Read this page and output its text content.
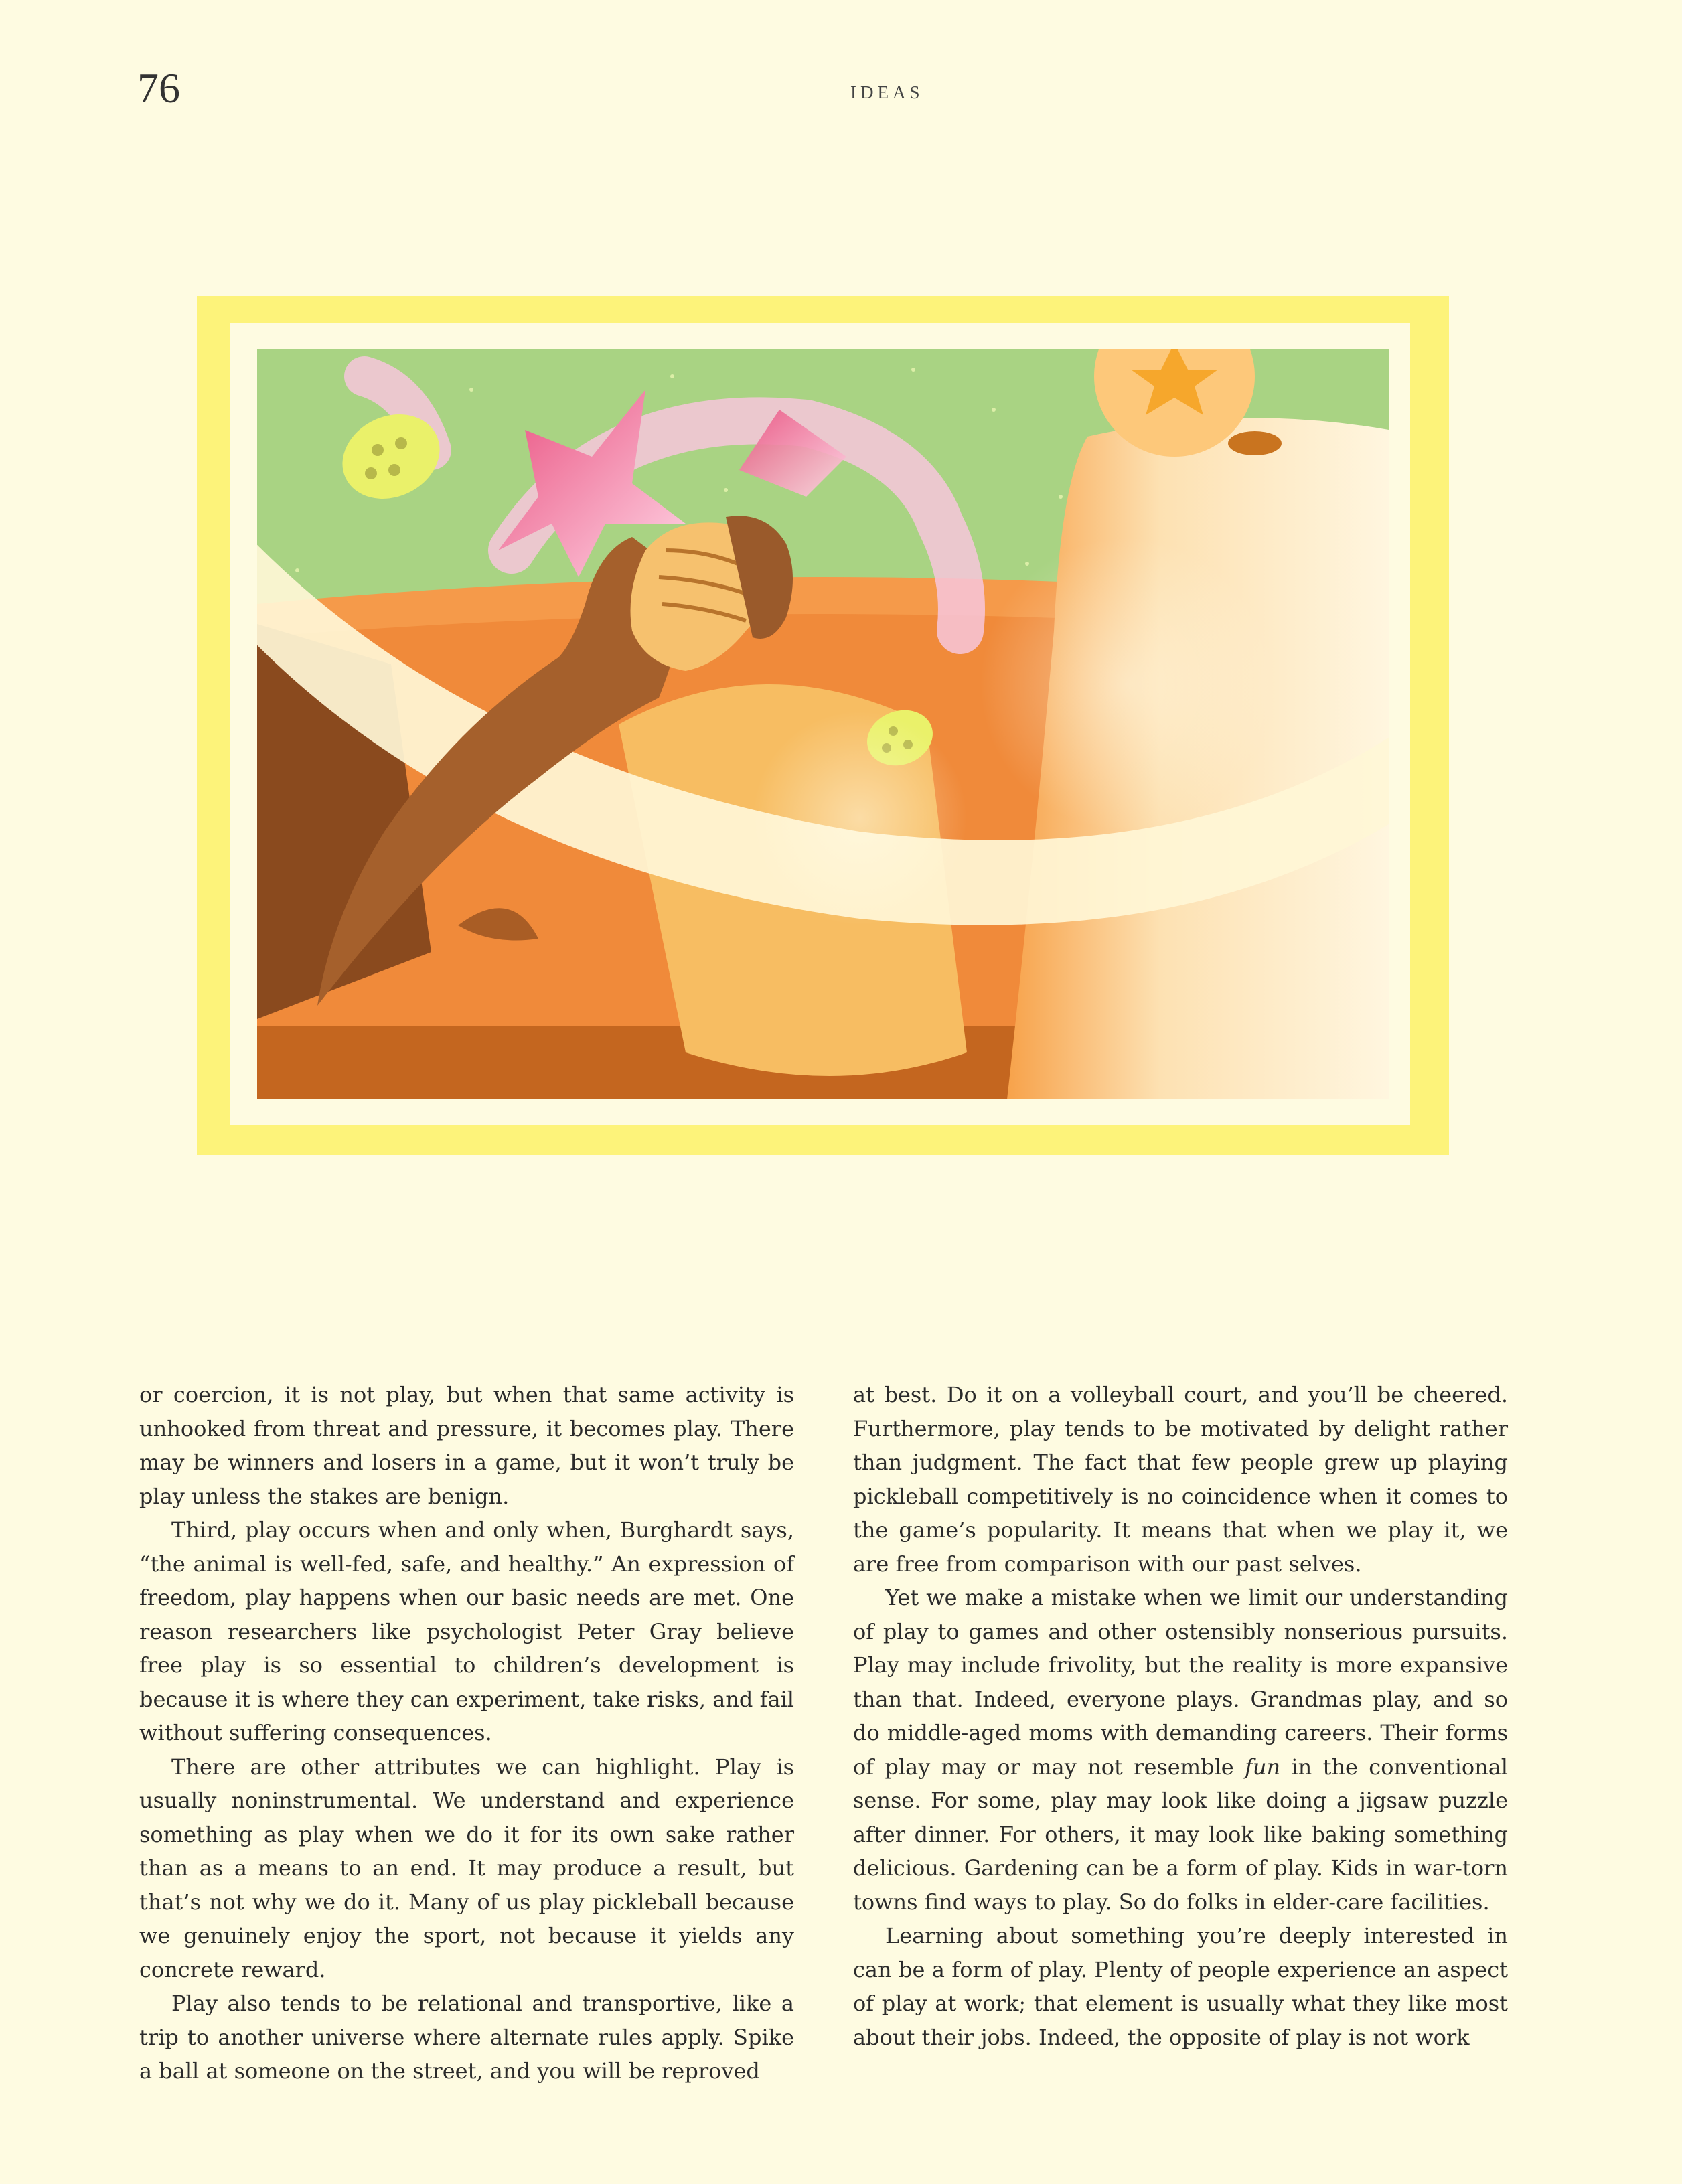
76	IDEAS

or coercion, it is not play, but when that same activity is unhooked from threat and pressure, it becomes play. There may be winners and losers in a game, but it won’t truly be play unless the stakes are benign.

Third, play occurs when and only when, Burghardt says, “the animal is well-fed, safe, and healthy.” An expression of freedom, play happens when our basic needs are met. One reason researchers like psychologist Peter Gray believe free play is so essential to children’s development is because it is where they can experiment, take risks, and fail without suffering consequences.

There are other attributes we can highlight. Play is usually noninstrumental. We understand and experience something as play when we do it for its own sake rather than as a means to an end. It may produce a result, but that’s not why we do it. Many of us play pickleball because we genuinely enjoy the sport, not because it yields any concrete reward.

Play also tends to be relational and transportive, like a trip to another universe where alternate rules apply. Spike a ball at someone on the street, and you will be reproved

at best. Do it on a volleyball court, and you’ll be cheered. Furthermore, play tends to be motivated by delight rather than judgment. The fact that few people grew up playing pickleball competitively is no coincidence when it comes to the game’s popularity. It means that when we play it, we are free from comparison with our past selves.

Yet we make a mistake when we limit our understanding of play to games and other ostensibly nonserious pursuits. Play may include frivolity, but the reality is more expansive than that. Indeed, everyone plays. Grandmas play, and so do middle-aged moms with demanding careers. Their forms of play may or may not resemble fun in the conventional sense. For some, play may look like doing a jigsaw puzzle after dinner. For others, it may look like baking something delicious. Gardening can be a form of play. Kids in war-torn towns find ways to play. So do folks in elder-care facilities.

Learning about something you’re deeply interested in can be a form of play. Plenty of people experience an aspect of play at work; that element is usually what they like most about their jobs. Indeed, the opposite of play is not work
